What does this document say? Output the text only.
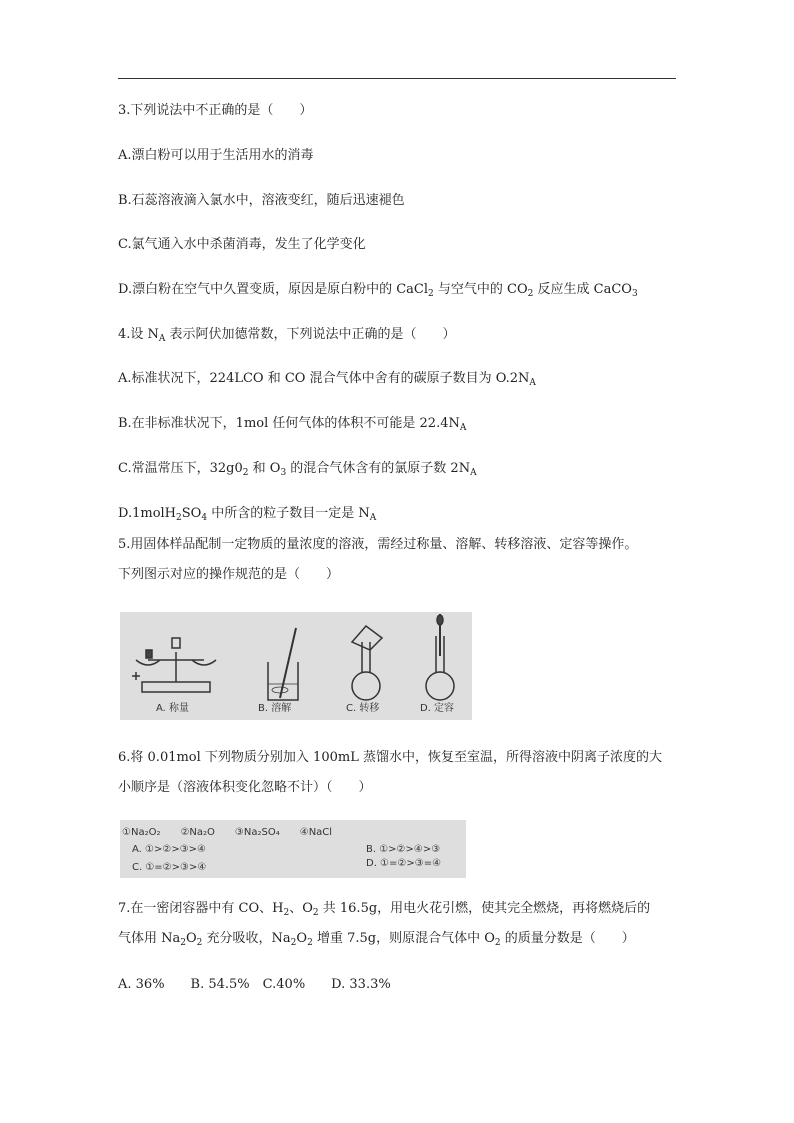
3.下列说法中不正确的是（　　）
A.漂白粉可以用于生活用水的消毒
B.石蕊溶液滴入氯水中，溶液变红，随后迅速褪色
C.氯气通入水中杀菌消毒，发生了化学变化
D.漂白粉在空气中久置变质，原因是原白粉中的 CaCl$_2$ 与空气中的 $CO_2$ 反应生成 CaCO$_3$
4.设 $N_A$ 表示阿伏加德常数，下列说法中正确的是（　　）
A.标准状况下，224LCO 和 CO 混合气体中舍有的碳原子数目为 $O.2N_A$
B.在非标准状况下，1mol 任何气体的体积不可能是 $22.4N_A$
C.常温常压下，$32g0_2$ 和 $O_3$ 的混合气休含有的氯原子数 $2N_A$
$D.1molH_2SO_4$ 中所含的粒子数目一定是 $N_A$
5.用固体样品配制一定物质的量浓度的溶液，需经过称量、溶解、转移溶液、定容等操作。
下列图示对应的操作规范的是（　　）
A. 称量	B. 溶解	C. 转移	D. 定容
6.将 0.01mol 下列物质分别加入 100mL 蒸馏水中，恢复至室温，所得溶液中阴离子浓度的大
小顺序是（溶液体积变化忽略不计）（　　）
①Na₂O₂　　②Na₂O　　③Na₂SO₄　　④NaCl
A. ①>②>③>④	B. ①>②>④>③
C. ①=②>③>④	D. ①=②>③=④
7.在一密闭容器中有 CO、$H_2$、$O_2$ 共 16.5g，用电火花引燃，使其完全燃烧，再将燃烧后的
气体用 $Na_2O_2$ 充分吸收，$Na_2O_2$ 增重 7.5g，则原混合气体中 $O_2$ 的质量分数是（　　）
A. 36%　　B. 54.5%　C.40%　　D. 33.3%
